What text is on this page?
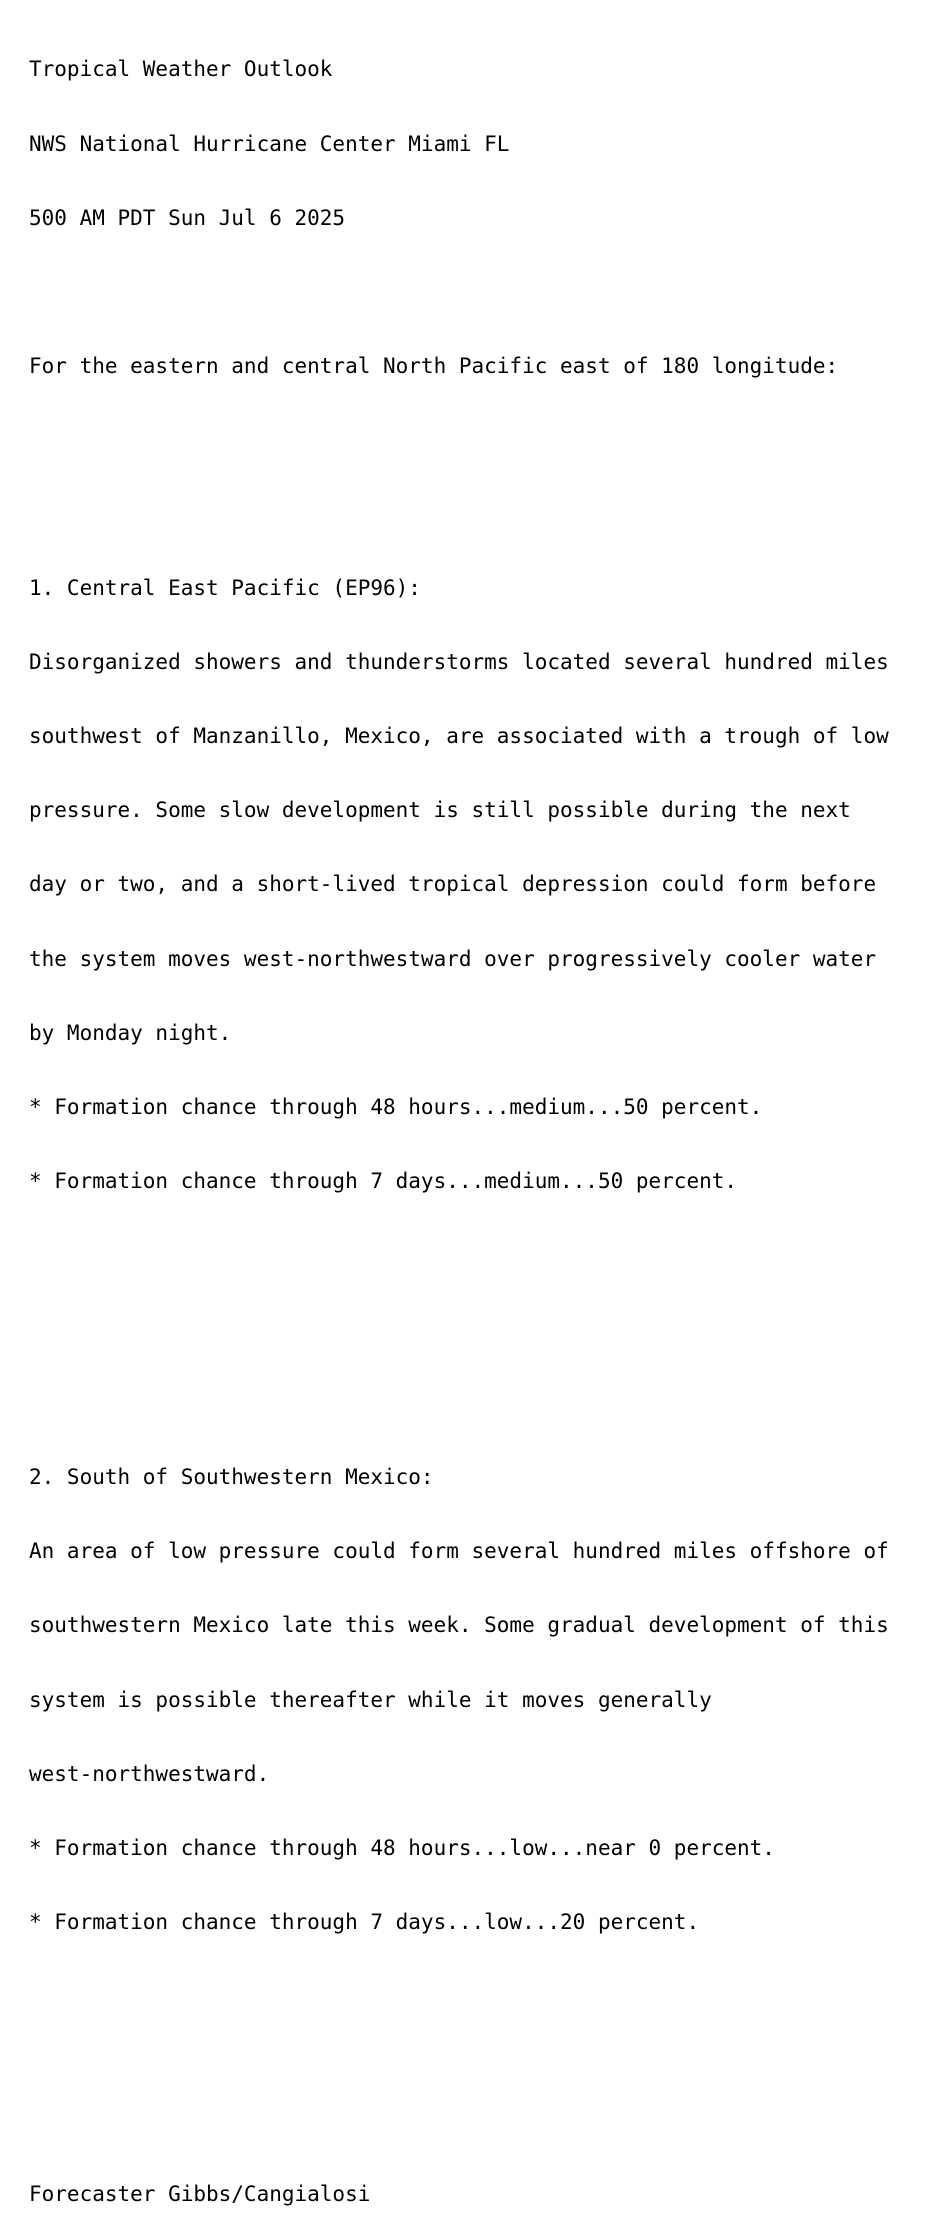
Tropical Weather Outlook

NWS National Hurricane Center Miami FL

500 AM PDT Sun Jul 6 2025

For the eastern and central North Pacific east of 180 longitude:

1. Central East Pacific (EP96):

Disorganized showers and thunderstorms located several hundred miles

southwest of Manzanillo, Mexico, are associated with a trough of low

pressure. Some slow development is still possible during the next

day or two, and a short-lived tropical depression could form before

the system moves west-northwestward over progressively cooler water

by Monday night.

* Formation chance through 48 hours...medium...50 percent.

* Formation chance through 7 days...medium...50 percent.

2. South of Southwestern Mexico:

An area of low pressure could form several hundred miles offshore of

southwestern Mexico late this week. Some gradual development of this

system is possible thereafter while it moves generally

west-northwestward.

* Formation chance through 48 hours...low...near 0 percent.

* Formation chance through 7 days...low...20 percent.

Forecaster Gibbs/Cangialosi
